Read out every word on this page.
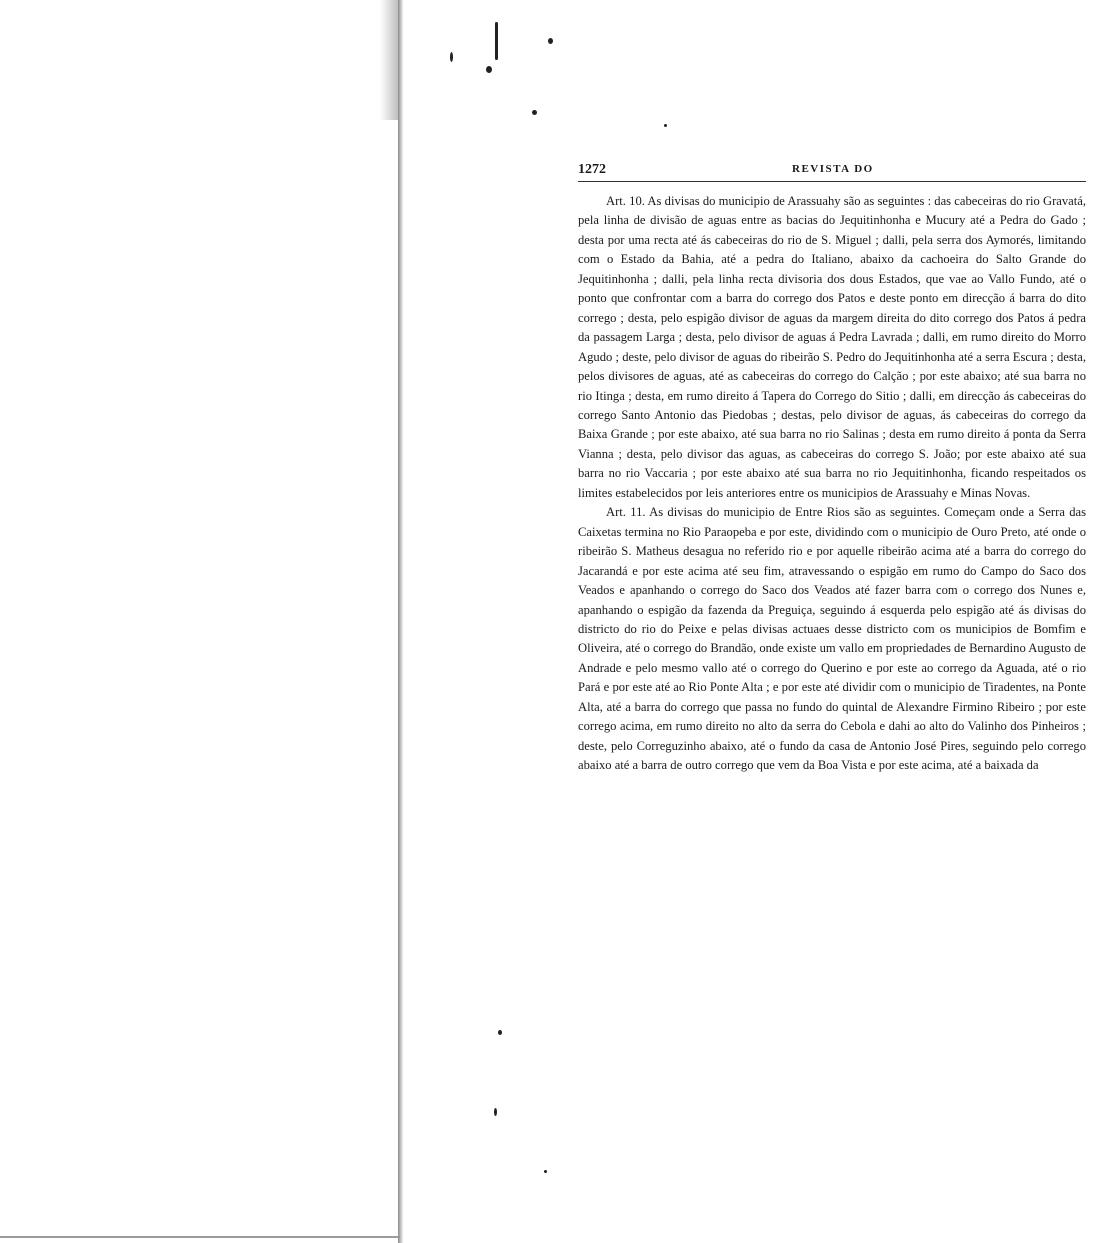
1272	REVISTA DO

Art. 10. As divisas do municipio de Arassuahy são as seguintes : das cabeceiras do rio Gravatá, pela linha de divisão de aguas entre as bacias do Jequitinhonha e Mucury até a Pedra do Gado ; desta por uma recta até ás cabeceiras do rio de S. Miguel ; dalli, pela serra dos Aymorés, limitando com o Estado da Bahia, até a pedra do Italiano, abaixo da cachoeira do Salto Grande do Jequitinhonha ; dalli, pela linha recta divisoria dos dous Estados, que vae ao Vallo Fundo, até o ponto que confrontar com a barra do corrego dos Patos e deste ponto em direcção á barra do dito corrego ; desta, pelo espigão divisor de aguas da margem direita do dito corrego dos Patos á pedra da passagem Larga ; desta, pelo divisor de aguas á Pedra Lavrada ; dalli, em rumo direito do Morro Agudo ; deste, pelo divisor de aguas do ribeirão S. Pedro do Jequitinhonha até a serra Escura ; desta, pelos divisores de aguas, até as cabeceiras do corrego do Calção ; por este abaixo; até sua barra no rio Itinga ; desta, em rumo direito á Tapera do Corrego do Sitio ; dalli, em direcção ás cabeceiras do corrego Santo Antonio das Piedobas ; destas, pelo divisor de aguas, ás cabeceiras do corrego da Baixa Grande ; por este abaixo, até sua barra no rio Salinas ; desta em rumo direito á ponta da Serra Vianna ; desta, pelo divisor das aguas, as cabeceiras do corrego S. João; por este abaixo até sua barra no rio Vaccaria ; por este abaixo até sua barra no rio Jequitinhonha, ficando respeitados os limites estabelecidos por leis anteriores entre os municipios de Arassuahy e Minas Novas.

Art. 11. As divisas do municipio de Entre Rios são as seguintes. Começam onde a Serra das Caixetas termina no Rio Paraopeba e por este, dividindo com o municipio de Ouro Preto, até onde o ribeirão S. Matheus desagua no referido rio e por aquelle ribeirão acima até a barra do corrego do Jacarandá e por este acima até seu fim, atravessando o espigão em rumo do Campo do Saco dos Veados e apanhando o corrego do Saco dos Veados até fazer barra com o corrego dos Nunes e, apanhando o espigão da fazenda da Preguiça, seguindo á esquerda pelo espigão até ás divisas do districto do rio do Peixe e pelas divisas actuaes desse districto com os municipios de Bomfim e Oliveira, até o corrego do Brandão, onde existe um vallo em propriedades de Bernardino Augusto de Andrade e pelo mesmo vallo até o corrego do Querino e por este ao corrego da Aguada, até o rio Pará e por este até ao Rio Ponte Alta ; e por este até dividir com o municipio de Tiradentes, na Ponte Alta, até a barra do corrego que passa no fundo do quintal de Alexandre Firmino Ribeiro ; por este corrego acima, em rumo direito no alto da serra do Cebola e dahi ao alto do Valinho dos Pinheiros ; deste, pelo Correguzinho abaixo, até o fundo da casa de Antonio José Pires, seguindo pelo corrego abaixo até a barra de outro corrego que vem da Boa Vista e por este acima, até a baixada da
